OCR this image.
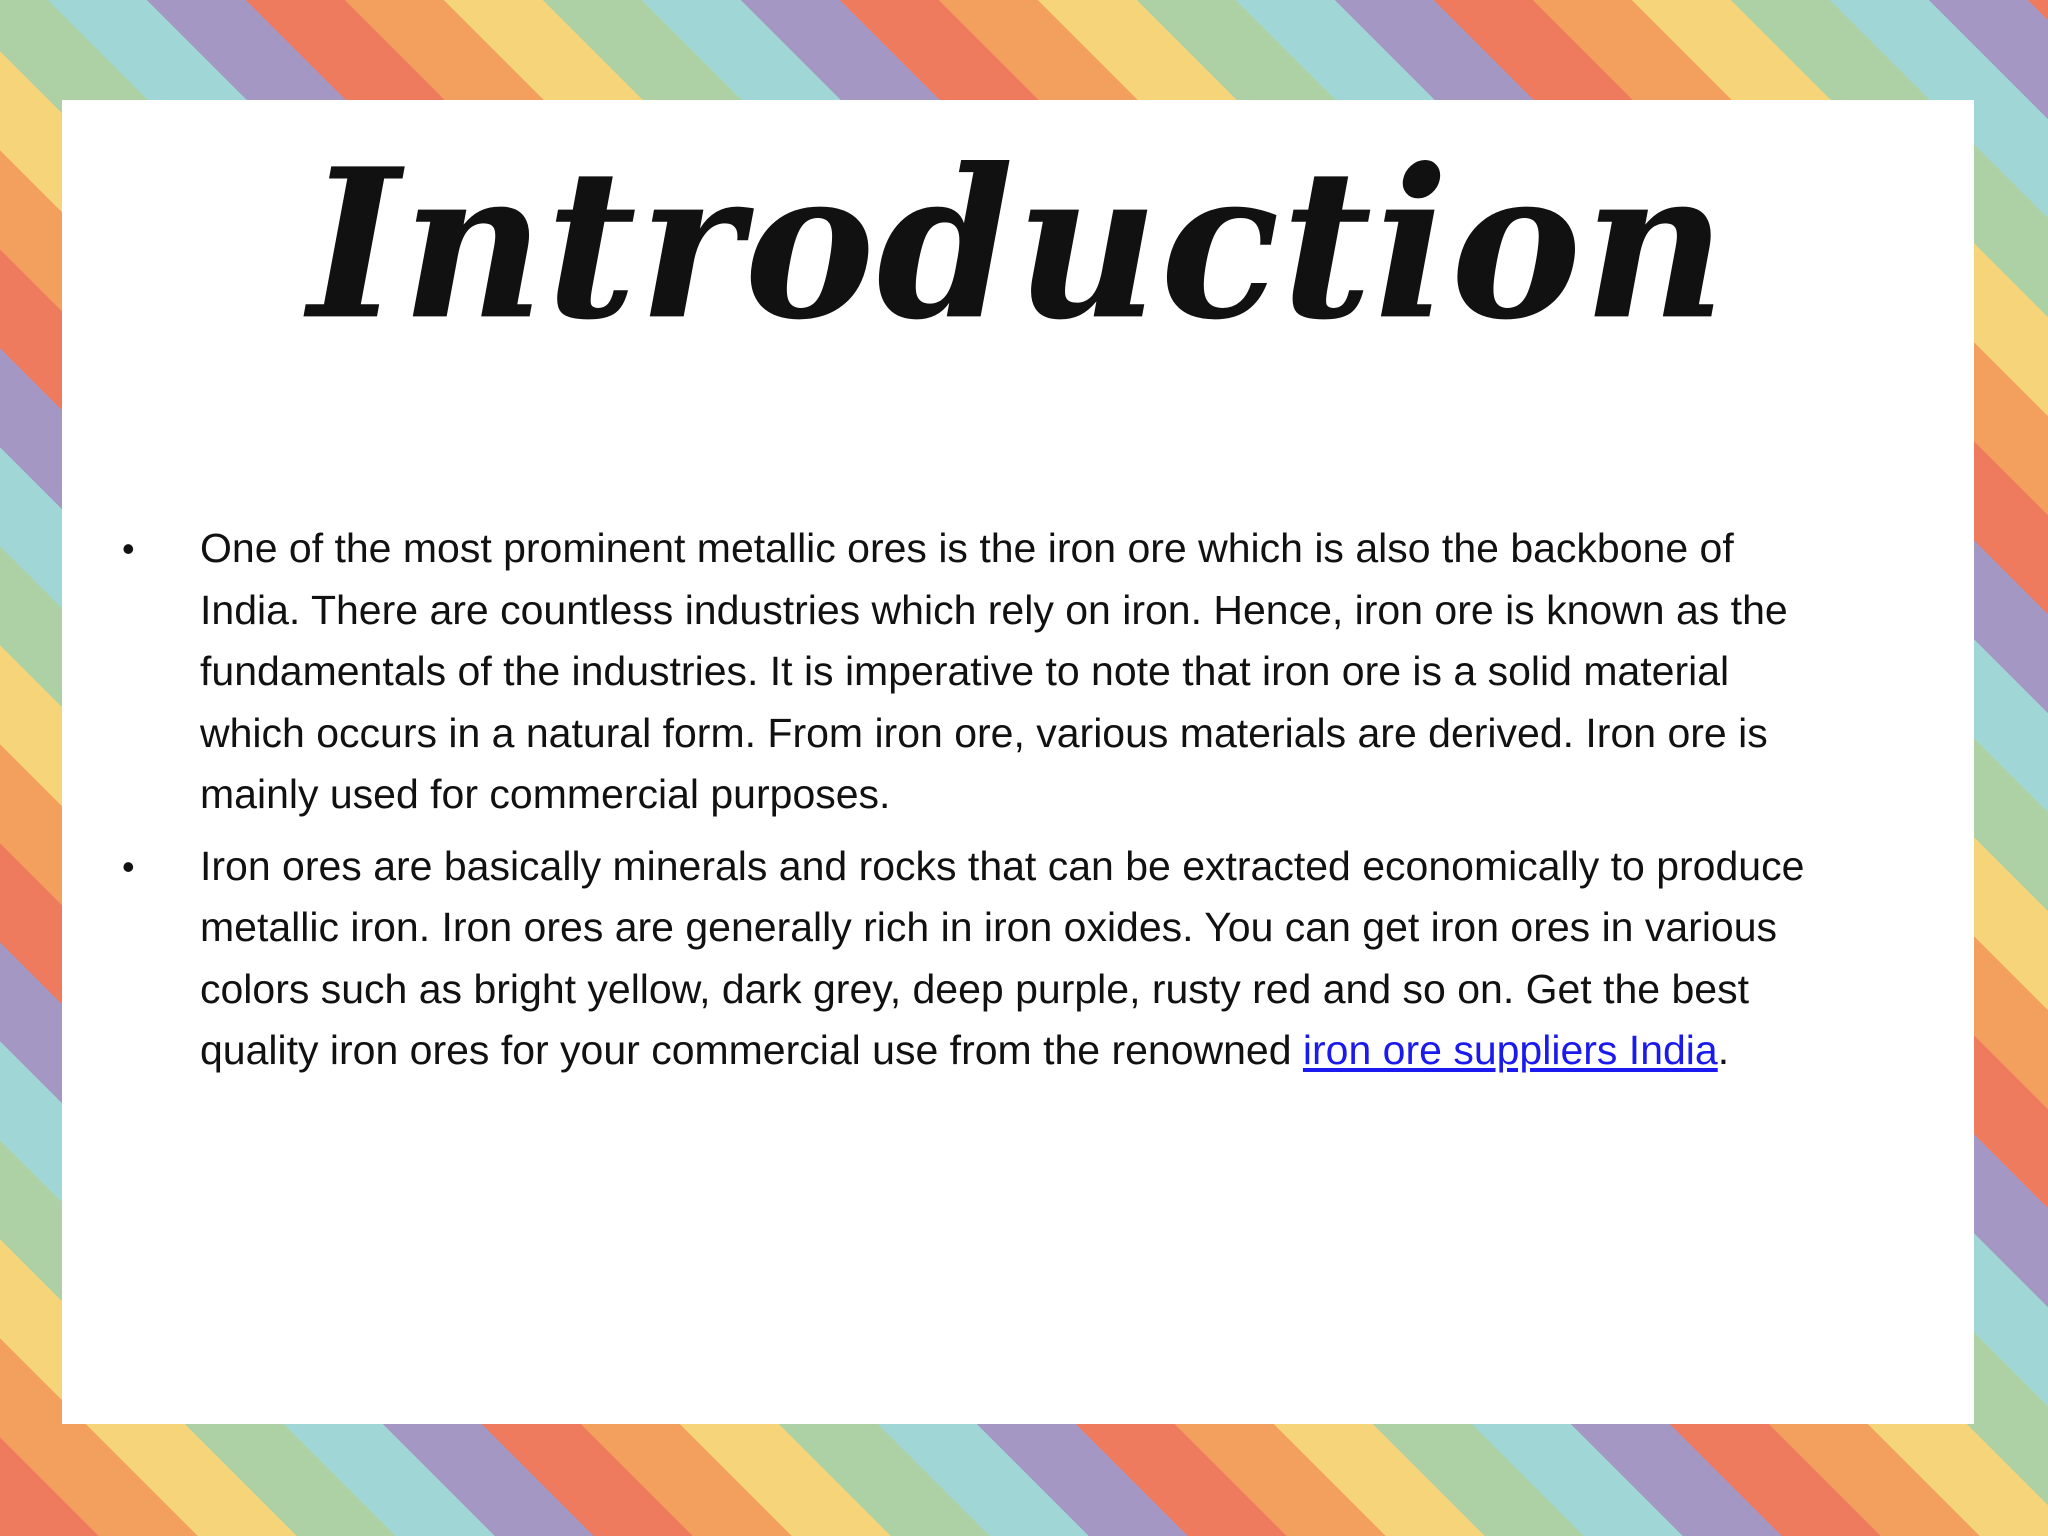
Introduction
• One of the most prominent metallic ores is the iron ore which is also the backbone of India. There are countless industries which rely on iron. Hence, iron ore is known as the fundamentals of the industries. It is imperative to note that iron ore is a solid material which occurs in a natural form. From iron ore, various materials are derived. Iron ore is mainly used for commercial purposes.
• Iron ores are basically minerals and rocks that can be extracted economically to produce metallic iron. Iron ores are generally rich in iron oxides. You can get iron ores in various colors such as bright yellow, dark grey, deep purple, rusty red and so on. Get the best quality iron ores for your commercial use from the renowned iron ore suppliers India.
